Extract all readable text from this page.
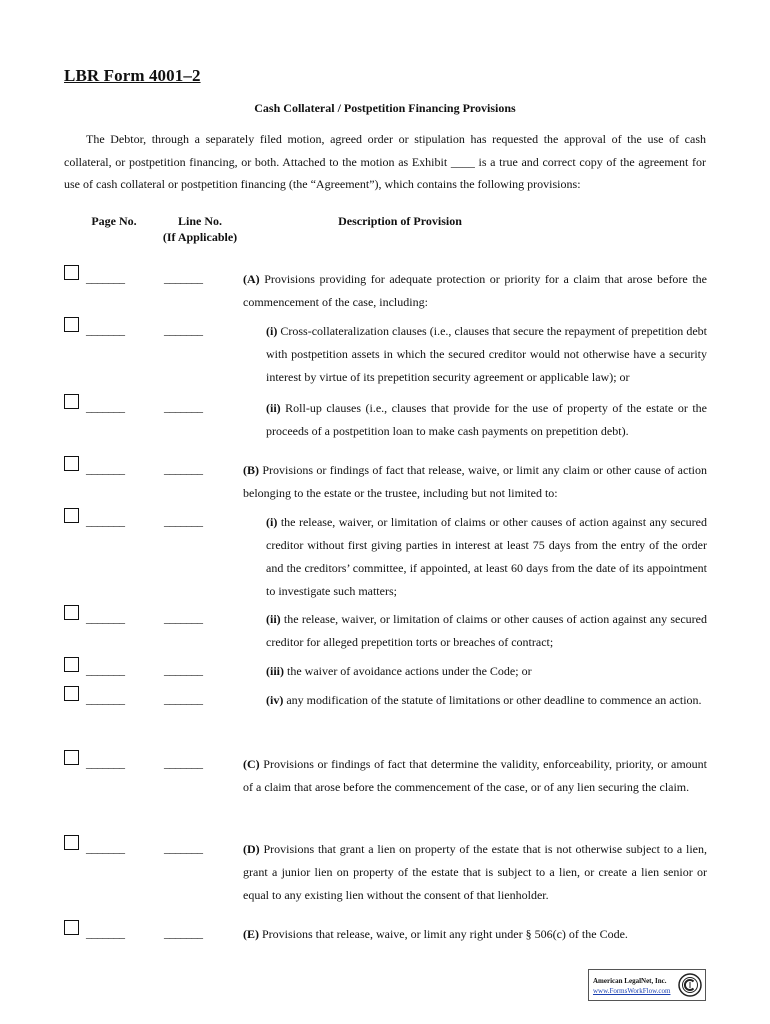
LBR Form 4001–2
Cash Collateral / Postpetition Financing Provisions
The Debtor, through a separately filed motion, agreed order or stipulation has requested the approval of the use of cash collateral, or postpetition financing, or both. Attached to the motion as Exhibit ____ is a true and correct copy of the agreement for use of cash collateral or postpetition financing (the “Agreement”), which contains the following provisions:
Page No.	Line No.
(If Applicable)
Description of Provision
_______	_______	(A) Provisions providing for adequate protection or priority for a claim that arose before the commencement of the case, including:
_______	_______	(i) Cross-collateralization clauses (i.e., clauses that secure the repayment of prepetition debt with postpetition assets in which the secured creditor would not otherwise have a security interest by virtue of its prepetition security agreement or applicable law); or
_______	_______	(ii) Roll-up clauses (i.e., clauses that provide for the use of property of the estate or the proceeds of a postpetition loan to make cash payments on prepetition debt).
_______	_______	(B) Provisions or findings of fact that release, waive, or limit any claim or other cause of action belonging to the estate or the trustee, including but not limited to:
_______	_______	(i) the release, waiver, or limitation of claims or other causes of action against any secured creditor without first giving parties in interest at least 75 days from the entry of the order and the creditors’ committee, if appointed, at least 60 days from the date of its appointment to investigate such matters;
_______	_______	(ii) the release, waiver, or limitation of claims or other causes of action against any secured creditor for alleged prepetition torts or breaches of contract;
_______	_______	(iii) the waiver of avoidance actions under the Code; or
_______	_______	(iv) any modification of the statute of limitations or other deadline to commence an action.
_______	_______	(C) Provisions or findings of fact that determine the validity, enforceability, priority, or amount of a claim that arose before the commencement of the case, or of any lien securing the claim.
_______	_______	(D) Provisions that grant a lien on property of the estate that is not otherwise subject to a lien, grant a junior lien on property of the estate that is subject to a lien, or create a lien senior or equal to any existing lien without the consent of that lienholder.
_______	_______	(E) Provisions that release, waive, or limit any right under § 506(c) of the Code.
American LegalNet, Inc.
www.FormsWorkFlow.com
